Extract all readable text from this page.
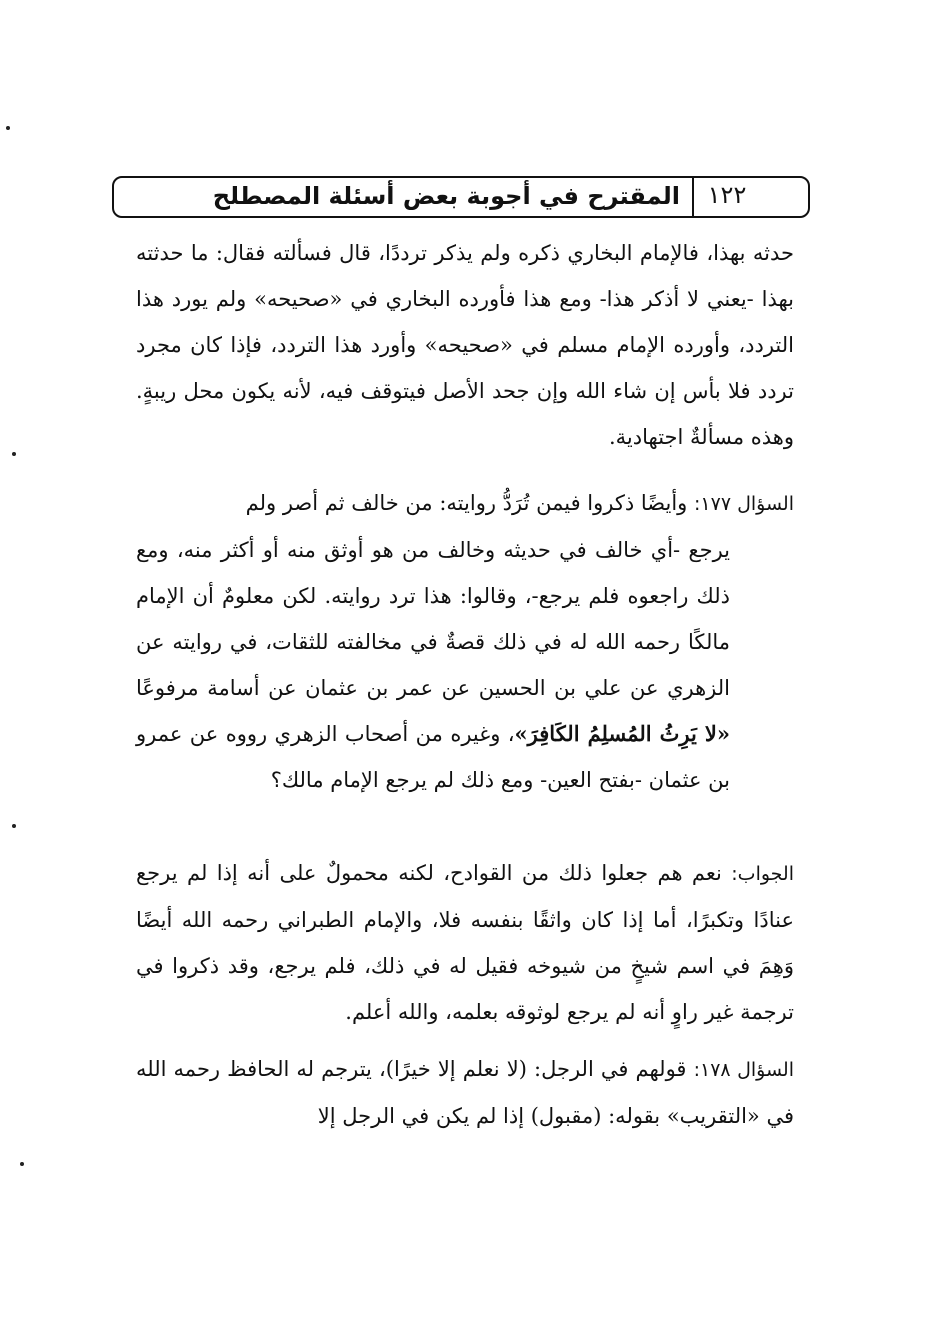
المقترح في أجوبة بعض أسئلة المصطلح	١٢٢
حدثه بهذا، فالإمام البخاري ذكره ولم يذكر ترددًا، قال فسألته فقال: ما حدثته بهذا -يعني لا أذكر هذا- ومع هذا فأورده البخاري في «صحيحه» ولم يورد هذا التردد، وأورده الإمام مسلم في «صحيحه» وأورد هذا التردد، فإذا كان مجرد تردد فلا بأس إن شاء الله وإن جحد الأصل فيتوقف فيه، لأنه يكون محل ريبةٍ. وهذه مسألةٌ اجتهادية.
السؤال ١٧٧: وأيضًا ذكروا فيمن تُرَدُّ روايته: من خالف ثم أصر ولم
يرجع -أي خالف في حديثه وخالف من هو أوثق منه أو أكثر منه، ومع ذلك راجعوه فلم يرجع-، وقالوا: هذا ترد روايته. لكن معلومٌ أن الإمام مالكًا رحمه الله له في ذلك قصةٌ في مخالفته للثقات، في روايته عن الزهري عن علي بن الحسين عن عمر بن عثمان عن أسامة مرفوعًا «لا يَرِثُ المُسلِمُ الكَافِرَ»، وغيره من أصحاب الزهري رووه عن عمرو بن عثمان -بفتح العين- ومع ذلك لم يرجع الإمام مالك؟
الجواب: نعم هم جعلوا ذلك من القوادح، لكنه محمولٌ على أنه إذا لم يرجع عنادًا وتكبرًا، أما إذا كان واثقًا بنفسه فلا، والإمام الطبراني رحمه الله أيضًا وَهِمَ في اسم شيخٍ من شيوخه فقيل له في ذلك، فلم يرجع، وقد ذكروا في ترجمة غير راوٍ أنه لم يرجع لوثوقه بعلمه، والله أعلم.
السؤال ١٧٨: قولهم في الرجل: (لا نعلم إلا خيرًا)، يترجم له الحافظ رحمه الله في «التقريب» بقوله: (مقبول) إذا لم يكن في الرجل إلا
